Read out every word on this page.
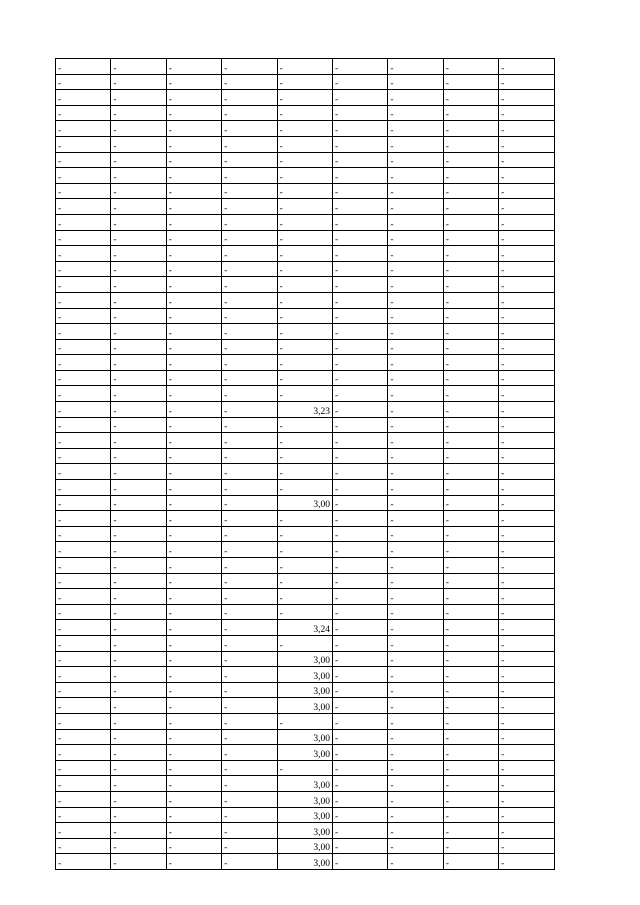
-	-	-	-	-	-	-	-	-
-	-	-	-	-	-	-	-	-
-	-	-	-	-	-	-	-	-
-	-	-	-	-	-	-	-	-
-	-	-	-	-	-	-	-	-
-	-	-	-	-	-	-	-	-
-	-	-	-	-	-	-	-	-
-	-	-	-	-	-	-	-	-
-	-	-	-	-	-	-	-	-
-	-	-	-	-	-	-	-	-
-	-	-	-	-	-	-	-	-
-	-	-	-	-	-	-	-	-
-	-	-	-	-	-	-	-	-
-	-	-	-	-	-	-	-	-
-	-	-	-	-	-	-	-	-
-	-	-	-	-	-	-	-	-
-	-	-	-	-	-	-	-	-
-	-	-	-	-	-	-	-	-
-	-	-	-	-	-	-	-	-
-	-	-	-	-	-	-	-	-
-	-	-	-	-	-	-	-	-
-	-	-	-	-	-	-	-	-
-	-	-	-	3,23	-	-	-	-
-	-	-	-	-	-	-	-	-
-	-	-	-	-	-	-	-	-
-	-	-	-	-	-	-	-	-
-	-	-	-	-	-	-	-	-
-	-	-	-	-	-	-	-	-
-	-	-	-	3,00	-	-	-	-
-	-	-	-	-	-	-	-	-
-	-	-	-	-	-	-	-	-
-	-	-	-	-	-	-	-	-
-	-	-	-	-	-	-	-	-
-	-	-	-	-	-	-	-	-
-	-	-	-	-	-	-	-	-
-	-	-	-	-	-	-	-	-
-	-	-	-	3,24	-	-	-	-
-	-	-	-	-	-	-	-	-
-	-	-	-	3,00	-	-	-	-
-	-	-	-	3,00	-	-	-	-
-	-	-	-	3,00	-	-	-	-
-	-	-	-	3,00	-	-	-	-
-	-	-	-	-	-	-	-	-
-	-	-	-	3,00	-	-	-	-
-	-	-	-	3,00	-	-	-	-
-	-	-	-	-	-	-	-	-
-	-	-	-	3,00	-	-	-	-
-	-	-	-	3,00	-	-	-	-
-	-	-	-	3,00	-	-	-	-
-	-	-	-	3,00	-	-	-	-
-	-	-	-	3,00	-	-	-	-
-	-	-	-	3,00	-	-	-	-
